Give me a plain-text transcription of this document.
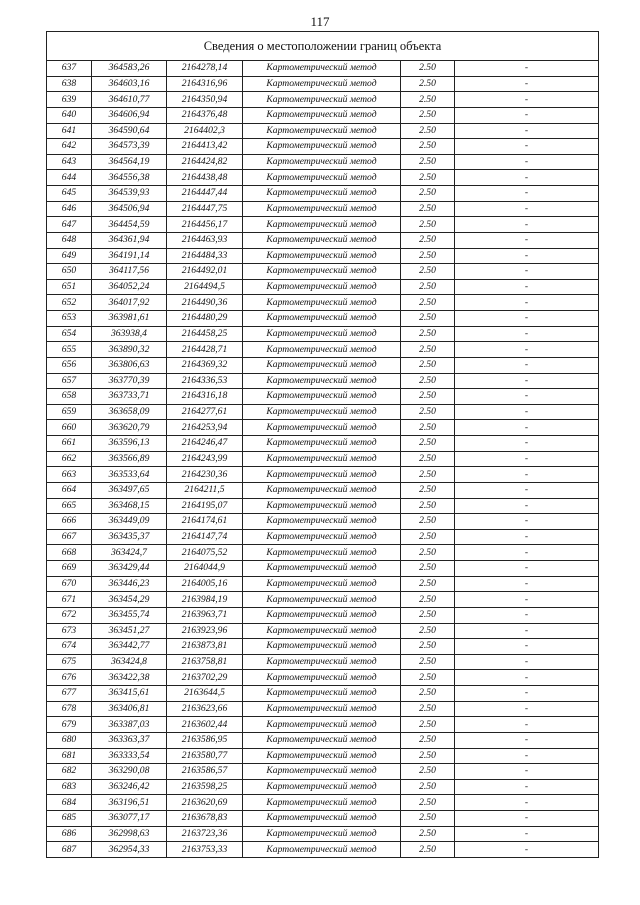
117
Сведения о местоположении границ объекта					
637	364583,26	2164278,14	Картометрический метод	2.50	-
638	364603,16	2164316,96	Картометрический метод	2.50	-
639	364610,77	2164350,94	Картометрический метод	2.50	-
640	364606,94	2164376,48	Картометрический метод	2.50	-
641	364590,64	2164402,3	Картометрический метод	2.50	-
642	364573,39	2164413,42	Картометрический метод	2.50	-
643	364564,19	2164424,82	Картометрический метод	2.50	-
644	364556,38	2164438,48	Картометрический метод	2.50	-
645	364539,93	2164447,44	Картометрический метод	2.50	-
646	364506,94	2164447,75	Картометрический метод	2.50	-
647	364454,59	2164456,17	Картометрический метод	2.50	-
648	364361,94	2164463,93	Картометрический метод	2.50	-
649	364191,14	2164484,33	Картометрический метод	2.50	-
650	364117,56	2164492,01	Картометрический метод	2.50	-
651	364052,24	2164494,5	Картометрический метод	2.50	-
652	364017,92	2164490,36	Картометрический метод	2.50	-
653	363981,61	2164480,29	Картометрический метод	2.50	-
654	363938,4	2164458,25	Картометрический метод	2.50	-
655	363890,32	2164428,71	Картометрический метод	2.50	-
656	363806,63	2164369,32	Картометрический метод	2.50	-
657	363770,39	2164336,53	Картометрический метод	2.50	-
658	363733,71	2164316,18	Картометрический метод	2.50	-
659	363658,09	2164277,61	Картометрический метод	2.50	-
660	363620,79	2164253,94	Картометрический метод	2.50	-
661	363596,13	2164246,47	Картометрический метод	2.50	-
662	363566,89	2164243,99	Картометрический метод	2.50	-
663	363533,64	2164230,36	Картометрический метод	2.50	-
664	363497,65	2164211,5	Картометрический метод	2.50	-
665	363468,15	2164195,07	Картометрический метод	2.50	-
666	363449,09	2164174,61	Картометрический метод	2.50	-
667	363435,37	2164147,74	Картометрический метод	2.50	-
668	363424,7	2164075,52	Картометрический метод	2.50	-
669	363429,44	2164044,9	Картометрический метод	2.50	-
670	363446,23	2164005,16	Картометрический метод	2.50	-
671	363454,29	2163984,19	Картометрический метод	2.50	-
672	363455,74	2163963,71	Картометрический метод	2.50	-
673	363451,27	2163923,96	Картометрический метод	2.50	-
674	363442,77	2163873,81	Картометрический метод	2.50	-
675	363424,8	2163758,81	Картометрический метод	2.50	-
676	363422,38	2163702,29	Картометрический метод	2.50	-
677	363415,61	2163644,5	Картометрический метод	2.50	-
678	363406,81	2163623,66	Картометрический метод	2.50	-
679	363387,03	2163602,44	Картометрический метод	2.50	-
680	363363,37	2163586,95	Картометрический метод	2.50	-
681	363333,54	2163580,77	Картометрический метод	2.50	-
682	363290,08	2163586,57	Картометрический метод	2.50	-
683	363246,42	2163598,25	Картометрический метод	2.50	-
684	363196,51	2163620,69	Картометрический метод	2.50	-
685	363077,17	2163678,83	Картометрический метод	2.50	-
686	362998,63	2163723,36	Картометрический метод	2.50	-
687	362954,33	2163753,33	Картометрический метод	2.50	-
